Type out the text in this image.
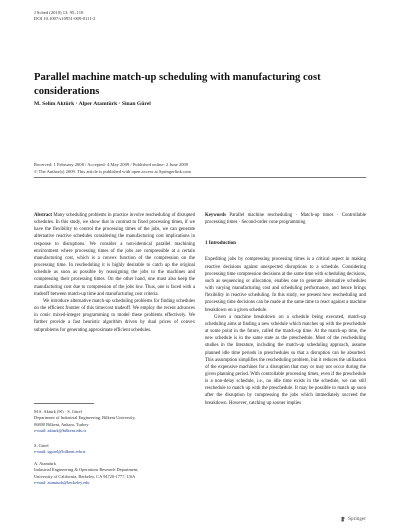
J Sched (2010) 13: 95–110
DOI 10.1007/s10951-009-0111-2
Parallel machine match-up scheduling with manufacturing cost considerations
M. Selim Aktürk · Alper Atamtürk · Sinan Gürel
Received: 1 February 2008 / Accepted: 4 May 2009 / Published online: 2 June 2009
© The Author(s) 2009. This article is published with open access at Springerlink.com

Abstract Many scheduling problems in practice involve rescheduling of disrupted schedules. In this study, we show that in contrast to fixed processing times, if we have the flexibility to control the processing times of the jobs, we can generate alternative reactive schedules considering the manufacturing cost implications in response to disruptions. We consider a non-identical parallel machining environment where processing times of the jobs are compressible at a certain manufacturing cost, which is a convex function of the compression on the processing time. In rescheduling it is highly desirable to catch up the original schedule as soon as possible by reassigning the jobs to the machines and compressing their processing times. On the other hand, one must also keep the manufacturing cost due to compression of the jobs low. Thus, one is faced with a tradeoff between match-up time and manufacturing cost criteria.

We introduce alternative match-up scheduling problems for finding schedules on the efficient frontier of this time/cost tradeoff. We employ the recent advances in conic mixed-integer programming to model these problems effectively. We further provide a fast heuristic algorithm driven by dual prices of convex subproblems for generating approximate efficient schedules.

Keywords Parallel machine rescheduling · Match-up times · Controllable processing times · Second-order cone programming

1 Introduction

Expediting jobs by compressing processing times is a critical aspect in making reactive decisions against unexpected disruptions to a schedule. Considering processing time compression decisions at the same time with scheduling decisions, such as sequencing or allocation, enables one to generate alternative schedules with varying manufacturing cost and scheduling performance, and hence brings flexibility in reactive scheduling. In this study, we present how rescheduling and processing time decisions can be made at the same time to react against a machine breakdown on a given schedule.

Given a machine breakdown on a schedule being executed, match-up scheduling aims at finding a new schedule which matches up with the preschedule at some point in the future, called the match-up time. At the match-up time, the new schedule is in the same state as the preschedule. Most of the rescheduling studies in the literature, including the match-up scheduling approach, assume planned idle time periods in preschedules so that a disruption can be absorbed. This assumption simplifies the rescheduling problem, but it reduces the utilization of the expensive machines for a disruption that may or may not occur during the given planning period. With controllable processing times, even if the preschedule is a non-delay schedule, i.e., no idle time exists in the schedule, we can still reschedule to match up with the preschedule. It may be possible to match up soon after the disruption by compressing the jobs which immediately succeed the breakdown. However, catching up sooner implies

M.S. Aktürk (✉) · S. Gürel

Department of Industrial Engineering, Bilkent University,

06800 Bilkent, Ankara, Turkey

e-mail: akturk@bilkent.edu.tr

S. Gürel

e-mail: sgurel@bilkent.edu.tr

A. Atamtürk

Industrial Engineering & Operations Research Department,

University of California, Berkeley, CA 94720-1777, USA

e-mail: atamturk@berkeley.edu

Springer
